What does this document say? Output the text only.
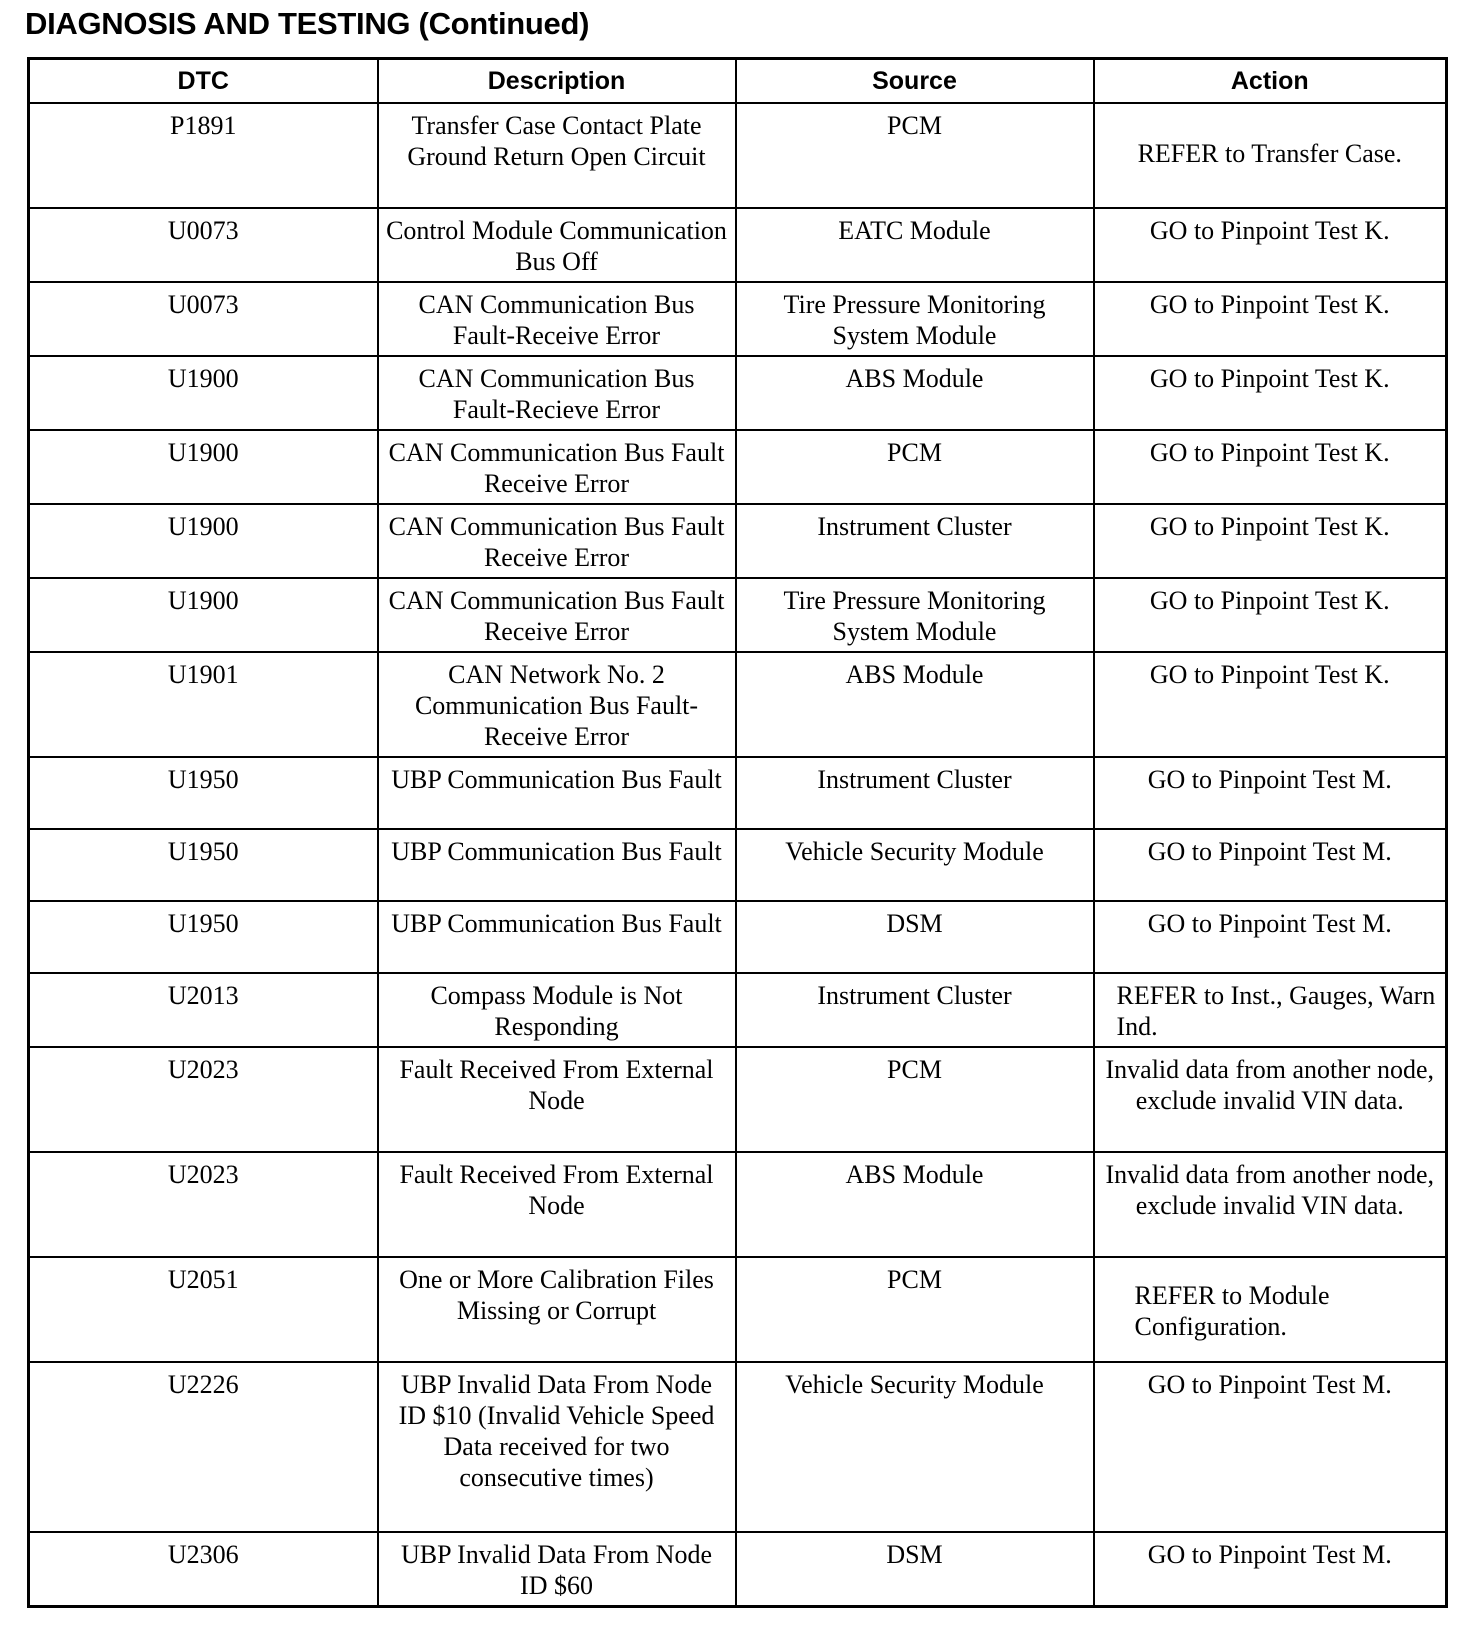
DIAGNOSIS AND TESTING (Continued)
DTC	Description	Source	Action
P1891	Transfer Case Contact Plate Ground Return Open Circuit	PCM	REFER to Transfer Case.
U0073	Control Module Communication Bus Off	EATC Module	GO to Pinpoint Test K.
U0073	CAN Communication Bus Fault-Receive Error	Tire Pressure Monitoring System Module	GO to Pinpoint Test K.
U1900	CAN Communication Bus Fault-Recieve Error	ABS Module	GO to Pinpoint Test K.
U1900	CAN Communication Bus Fault Receive Error	PCM	GO to Pinpoint Test K.
U1900	CAN Communication Bus Fault Receive Error	Instrument Cluster	GO to Pinpoint Test K.
U1900	CAN Communication Bus Fault Receive Error	Tire Pressure Monitoring System Module	GO to Pinpoint Test K.
U1901	CAN Network No. 2 Communication Bus Fault-Receive Error	ABS Module	GO to Pinpoint Test K.
U1950	UBP Communication Bus Fault	Instrument Cluster	GO to Pinpoint Test M.
U1950	UBP Communication Bus Fault	Vehicle Security Module	GO to Pinpoint Test M.
U1950	UBP Communication Bus Fault	DSM	GO to Pinpoint Test M.
U2013	Compass Module is Not Responding	Instrument Cluster	REFER to Inst., Gauges, Warn Ind.
U2023	Fault Received From External Node	PCM	Invalid data from another node, exclude invalid VIN data.
U2023	Fault Received From External Node	ABS Module	Invalid data from another node, exclude invalid VIN data.
U2051	One or More Calibration Files Missing or Corrupt	PCM	REFER to Module Configuration.
U2226	UBP Invalid Data From Node ID $10 (Invalid Vehicle Speed Data received for two consecutive times)	Vehicle Security Module	GO to Pinpoint Test M.
U2306	UBP Invalid Data From Node ID $60	DSM	GO to Pinpoint Test M.
